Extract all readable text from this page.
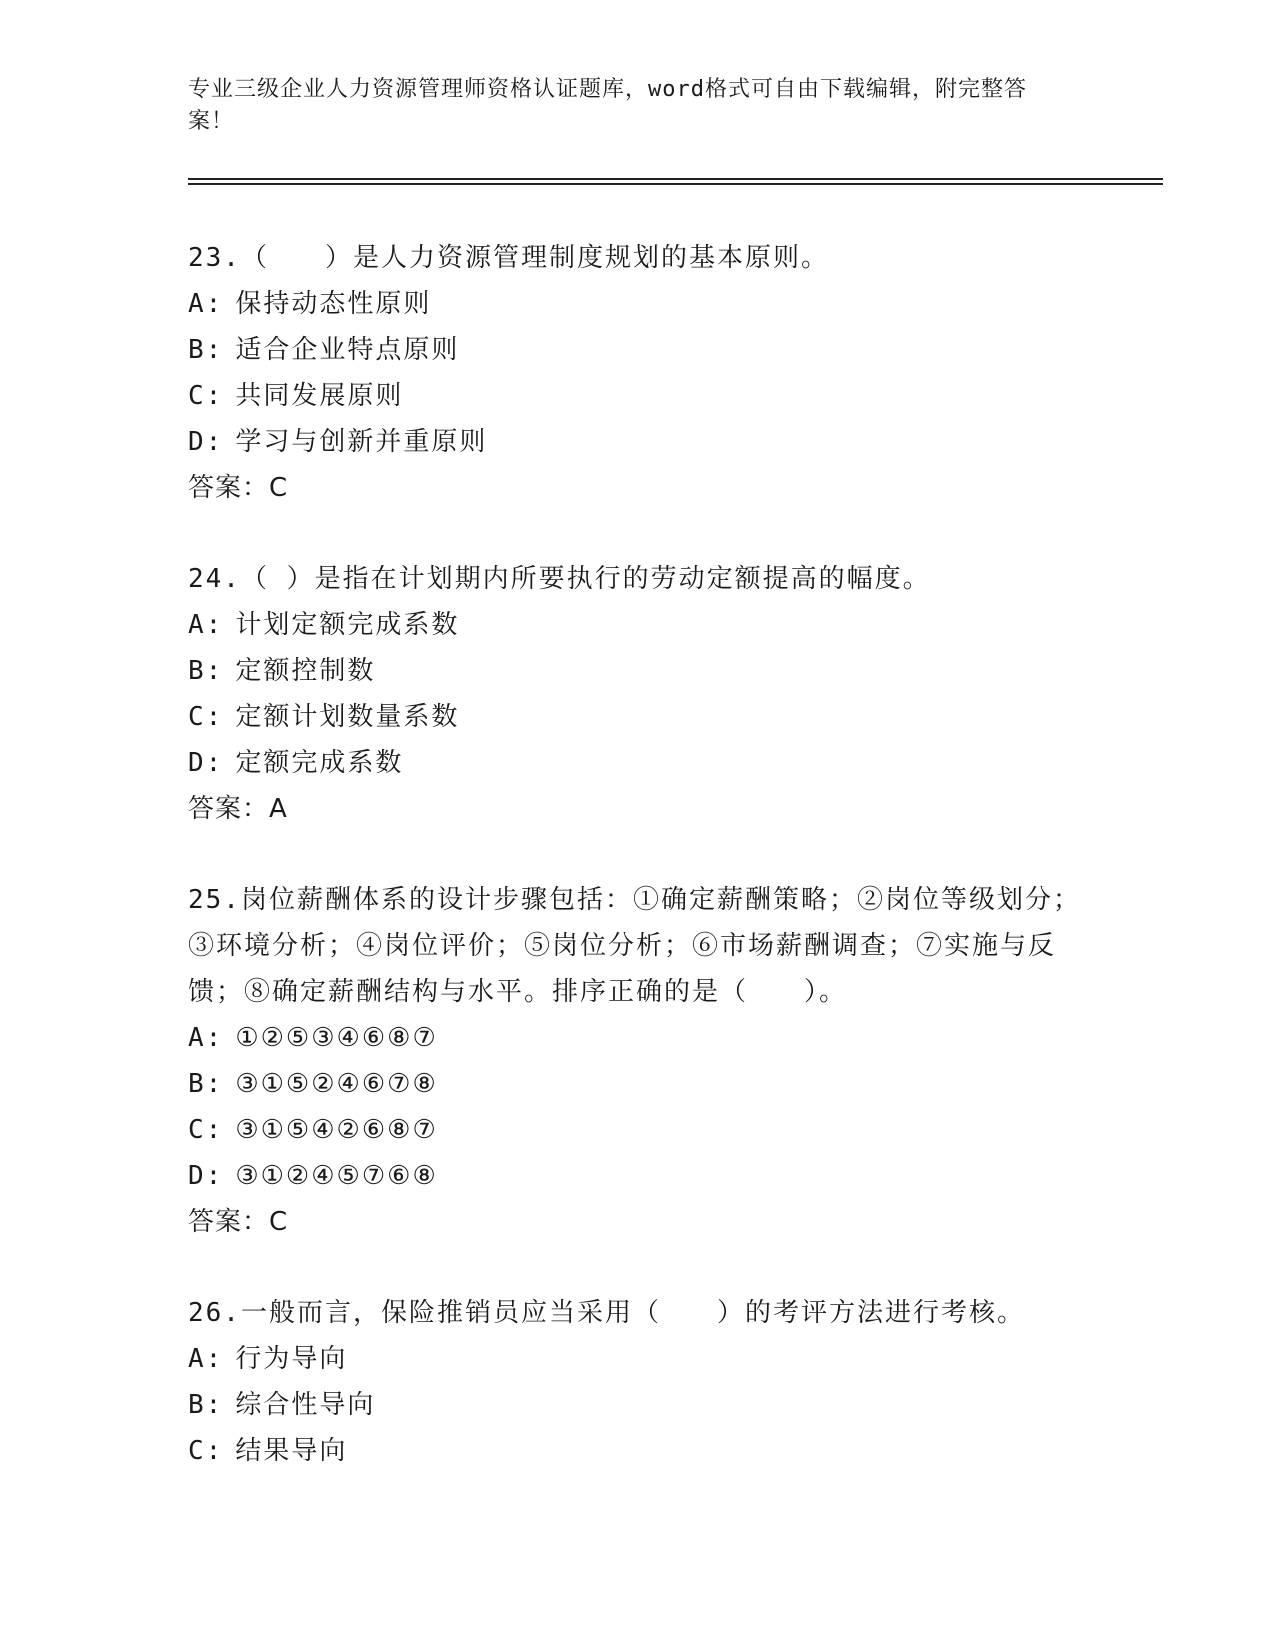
专业三级企业人力资源管理师资格认证题库，word格式可自由下载编辑，附完整答案！

23.（　　）是人力资源管理制度规划的基本原则。

A: 保持动态性原则

B: 适合企业特点原则

C: 共同发展原则

D: 学习与创新并重原则

答案：C

24.（ ）是指在计划期内所要执行的劳动定额提高的幅度。

A: 计划定额完成系数

B: 定额控制数

C: 定额计划数量系数

D: 定额完成系数

答案：A

25.岗位薪酬体系的设计步骤包括：①确定薪酬策略；②岗位等级划分；③环境分析；④岗位评价；⑤岗位分析；⑥市场薪酬调查；⑦实施与反馈；⑧确定薪酬结构与水平。排序正确的是（　　）。

A: ①②⑤③④⑥⑧⑦

B: ③①⑤②④⑥⑦⑧

C: ③①⑤④②⑥⑧⑦

D: ③①②④⑤⑦⑥⑧

答案：C

26.一般而言，保险推销员应当采用（　　）的考评方法进行考核。

A: 行为导向

B: 综合性导向

C: 结果导向
